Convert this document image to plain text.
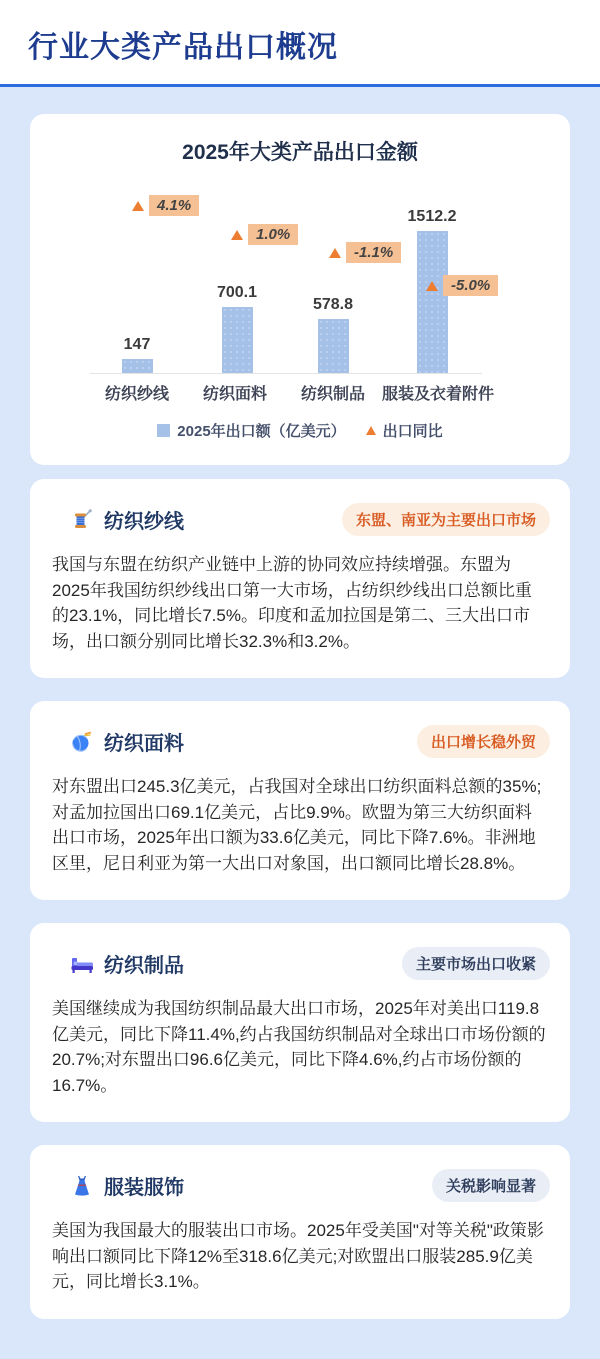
行业大类产品出口概况
2025年大类产品出口金额
147
700.1
578.8
1512.2
4.1%
1.0%
-1.1%
-5.0%
纺织纱线	纺织面料	纺织制品	服装及衣着附件
2025年出口额（亿美元） 出口同比
纺织纱线	东盟、南亚为主要出口市场

我国与东盟在纺织产业链中上游的协同效应持续增强。东盟为2025年我国纺织纱线出口第一大市场，占纺织纱线出口总额比重的23.1%，同比增长7.5%。印度和孟加拉国是第二、三大出口市场，出口额分别同比增长32.3%和3.2%。

纺织面料	出口增长稳外贸

对东盟出口245.3亿美元，占我国对全球出口纺织面料总额的35%;对孟加拉国出口69.1亿美元，占比9.9%。欧盟为第三大纺织面料出口市场，2025年出口额为33.6亿美元，同比下降7.6%。非洲地区里，尼日利亚为第一大出口对象国，出口额同比增长28.8%。

纺织制品	主要市场出口收紧

美国继续成为我国纺织制品最大出口市场，2025年对美出口119.8亿美元，同比下降11.4%,约占我国纺织制品对全球出口市场份额的20.7%;对东盟出口96.6亿美元，同比下降4.6%,约占市场份额的16.7%。

服装服饰	关税影响显著

美国为我国最大的服装出口市场。2025年受美国"对等关税"政策影响出口额同比下降12%至318.6亿美元;对欧盟出口服装285.9亿美元，同比增长3.1%。
